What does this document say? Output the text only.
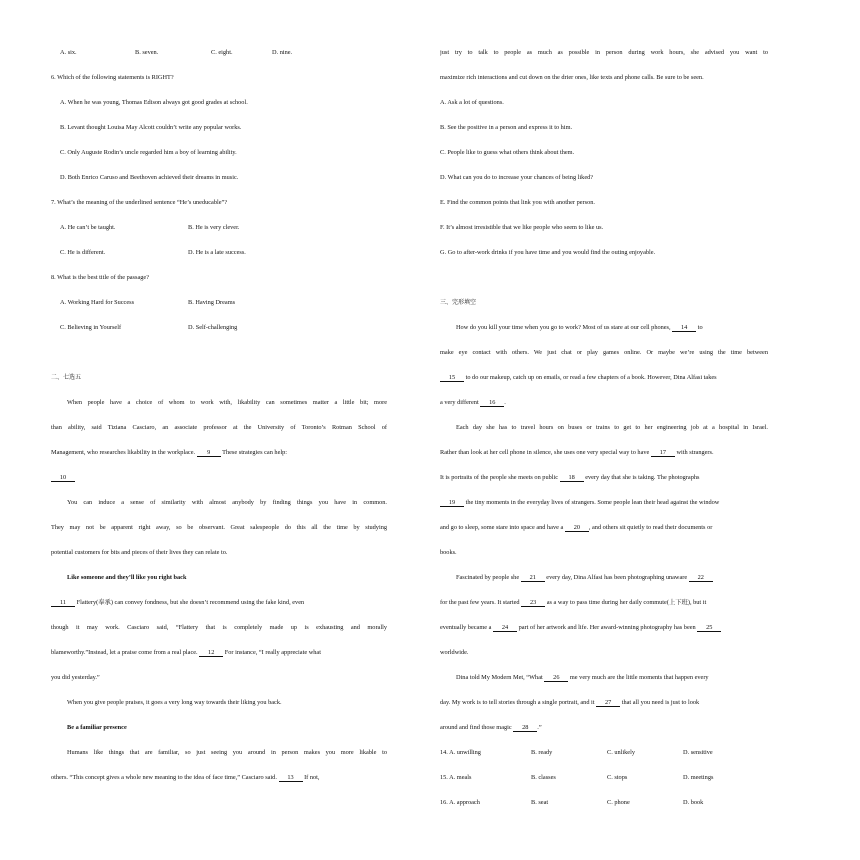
A. six.	B. seven.	C. eight.	D. nine.
6. Which of the following statements is RIGHT?
A. When he was young, Thomas Edison always got good grades at school.
B. Levant thought Louisa May Alcott couldn’t write any popular works.
C. Only Auguste Rodin’s uncle regarded him a boy of learning ability.
D. Both Enrico Caruso and Beethoven achieved their dreams in music.
7. What’s the meaning of the underlined sentence “He’s uneducable”?
A. He can’t be taught.	B. He is very clever.
C. He is different.	D. He is a late success.
8. What is the best title of the passage?
A. Working Hard for Success	B. Having Dreams
C. Believing in Yourself	D. Self-challenging
二、七选五
When people have a choice of whom to work with, likability can sometimes matter a little bit; more
than ability, said Tiziana Casciaro, an associate professor at the University of Toronto’s Rotman School of
Management, who researches likability in the workplace. 9 These strategies can help:
10
You can induce a sense of similarity with almost anybody by finding things you have in common.
They may not be apparent right away, so be observant. Great salespeople do this all the time by studying
potential customers for bits and pieces of their lives they can relate to.
Like someone and they’ll like you right back
11 Flattery(奉承) can convey fondness, but she doesn’t recommend using the fake kind, even
though it may work. Casciaro said, “Flattery that is completely made up is exhausting and morally
blameworthy.”Instead, let a praise come from a real place. 12 For instance, “I really appreciate what
you did yesterday.”
When you give people praises, it goes a very long way towards their liking you back.
Be a familiar presence
Humans like things that are familiar, so just seeing you around in person makes you more likable to
others. “This concept gives a whole new meaning to the idea of face time,” Casciaro said. 13 If not,
just try to talk to people as much as possible in person during work hours, she advised you want to
maximize rich interactions and cut down on the drier ones, like texts and phone calls. Be sure to be seen.
A. Ask a lot of questions.
B. See the positive in a person and express it to him.
C. People like to guess what others think about them.
D. What can you do to increase your chances of being liked?
E. Find the common points that link you with another person.
F. It’s almost irresistible that we like people who seem to like us.
G. Go to after-work drinks if you have time and you would find the outing enjoyable.
三、完形填空
How do you kill your time when you go to work? Most of us stare at our cell phones, 14 to
make eye contact with others. We just chat or play games online. Or maybe we’re using the time between
15 to do our makeup, catch up on emails, or read a few chapters of a book. However, Dina Alfasi takes
a very different 16 .
Each day she has to travel hours on buses or trains to get to her engineering job at a hospital in Israel.
Rather than look at her cell phone in silence, she uses one very special way to have 17 with strangers.
It is portraits of the people she meets on public 18 every day that she is taking. The photographs
19 the tiny moments in the everyday lives of strangers. Some people lean their head against the window
and go to sleep, some stare into space and have a 20 , and others sit quietly to read their documents or
books.
Fascinated by people she 21 every day, Dina Alfasi has been photographing unaware 22
for the past few years. It started 23 as a way to pass time during her daily commute(上下班), but it
eventually became a 24 part of her artwork and life. Her award-winning photography has been 25
worldwide.
Dina told My Modern Met, “What 26 me very much are the little moments that happen every
day. My work is to tell stories through a single portrait, and it 27 that all you need is just to look
around and find those magic 28 .”
14. A. unwilling	B. ready	C. unlikely	D. sensitive
15. A. meals	B. classes	C. stops	D. meetings
16. A. approach	B. seat	C. phone	D. book
